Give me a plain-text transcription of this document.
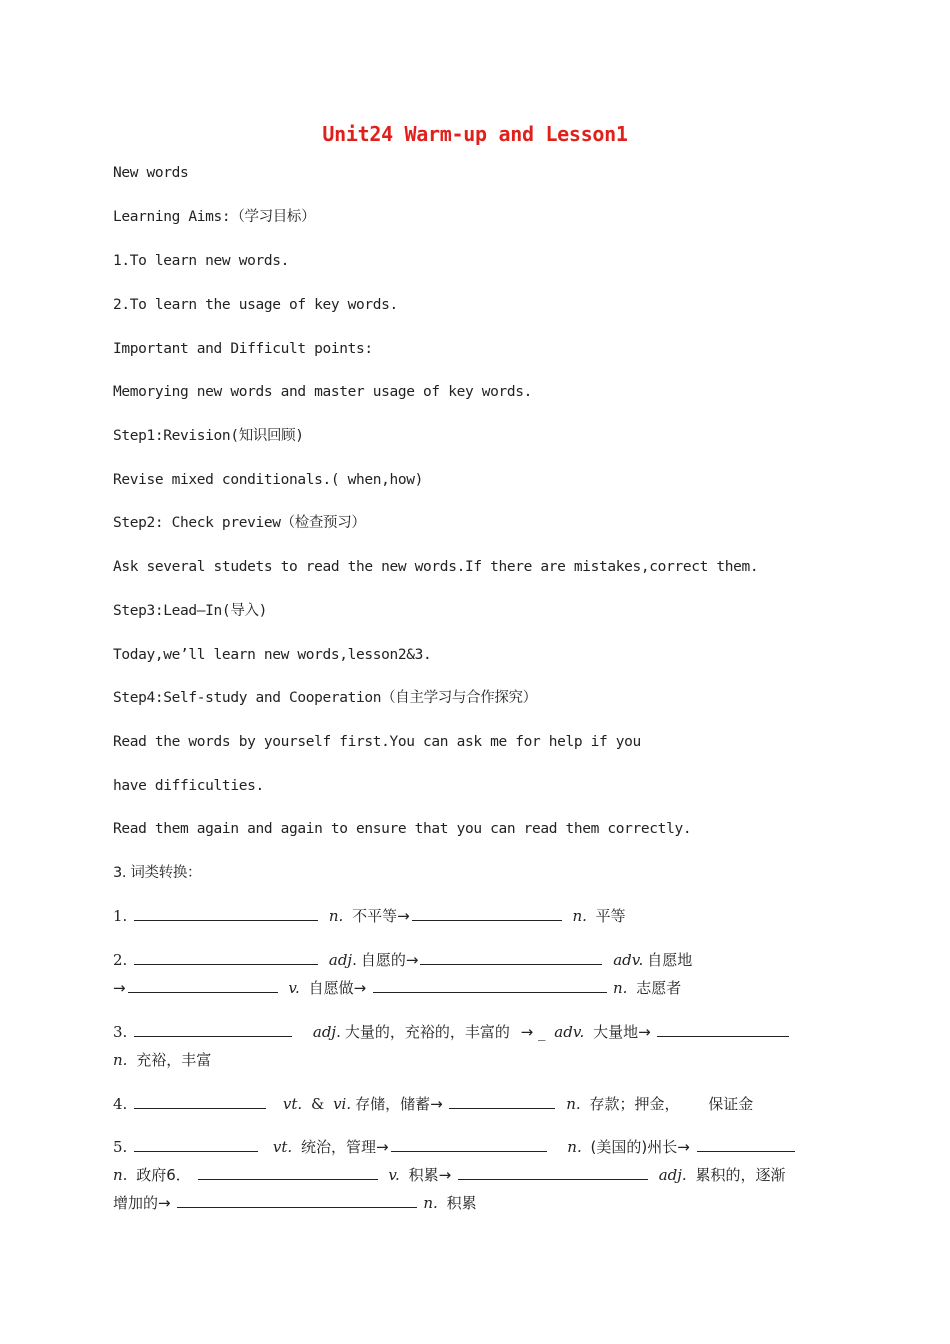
Unit24 Warm-up and Lesson1
New words
Learning Aims:（学习目标）
1.To learn new words.
2.To learn the usage of key words.
Important and Difficult points:
Memorying new words and master usage of key words.
Step1:Revision(知识回顾)
Revise mixed conditionals.( when,how)
Step2: Check preview（检查预习）
Ask several studets to read the new words.If there are mistakes,correct them.
Step3:Lead—In(导入)
Today,we’ll learn new words,lesson2&3.
Step4:Self-study and Cooperation（自主学习与合作探究）
Read the words by yourself first.You can ask me for help if you
have difficulties.
Read them again and again to ensure that you can read them correctly.
3. 词类转换：
1.	n. 不平等→	n. 平等
2.	adj. 自愿的→	adv. 自愿地
→	v. 自愿做→	n. 志愿者
3.	adj. 大量的，充裕的，丰富的 → _ adv. 大量地→
n. 充裕，丰富
4.	vt. & vi. 存储，储蓄→	n. 存款；押金， 保证金
5.	vt. 统治，管理→	n. (美国的)州长→
n. 政府6．	v. 积累→	adj. 累积的，逐渐
增加的→	n. 积累
